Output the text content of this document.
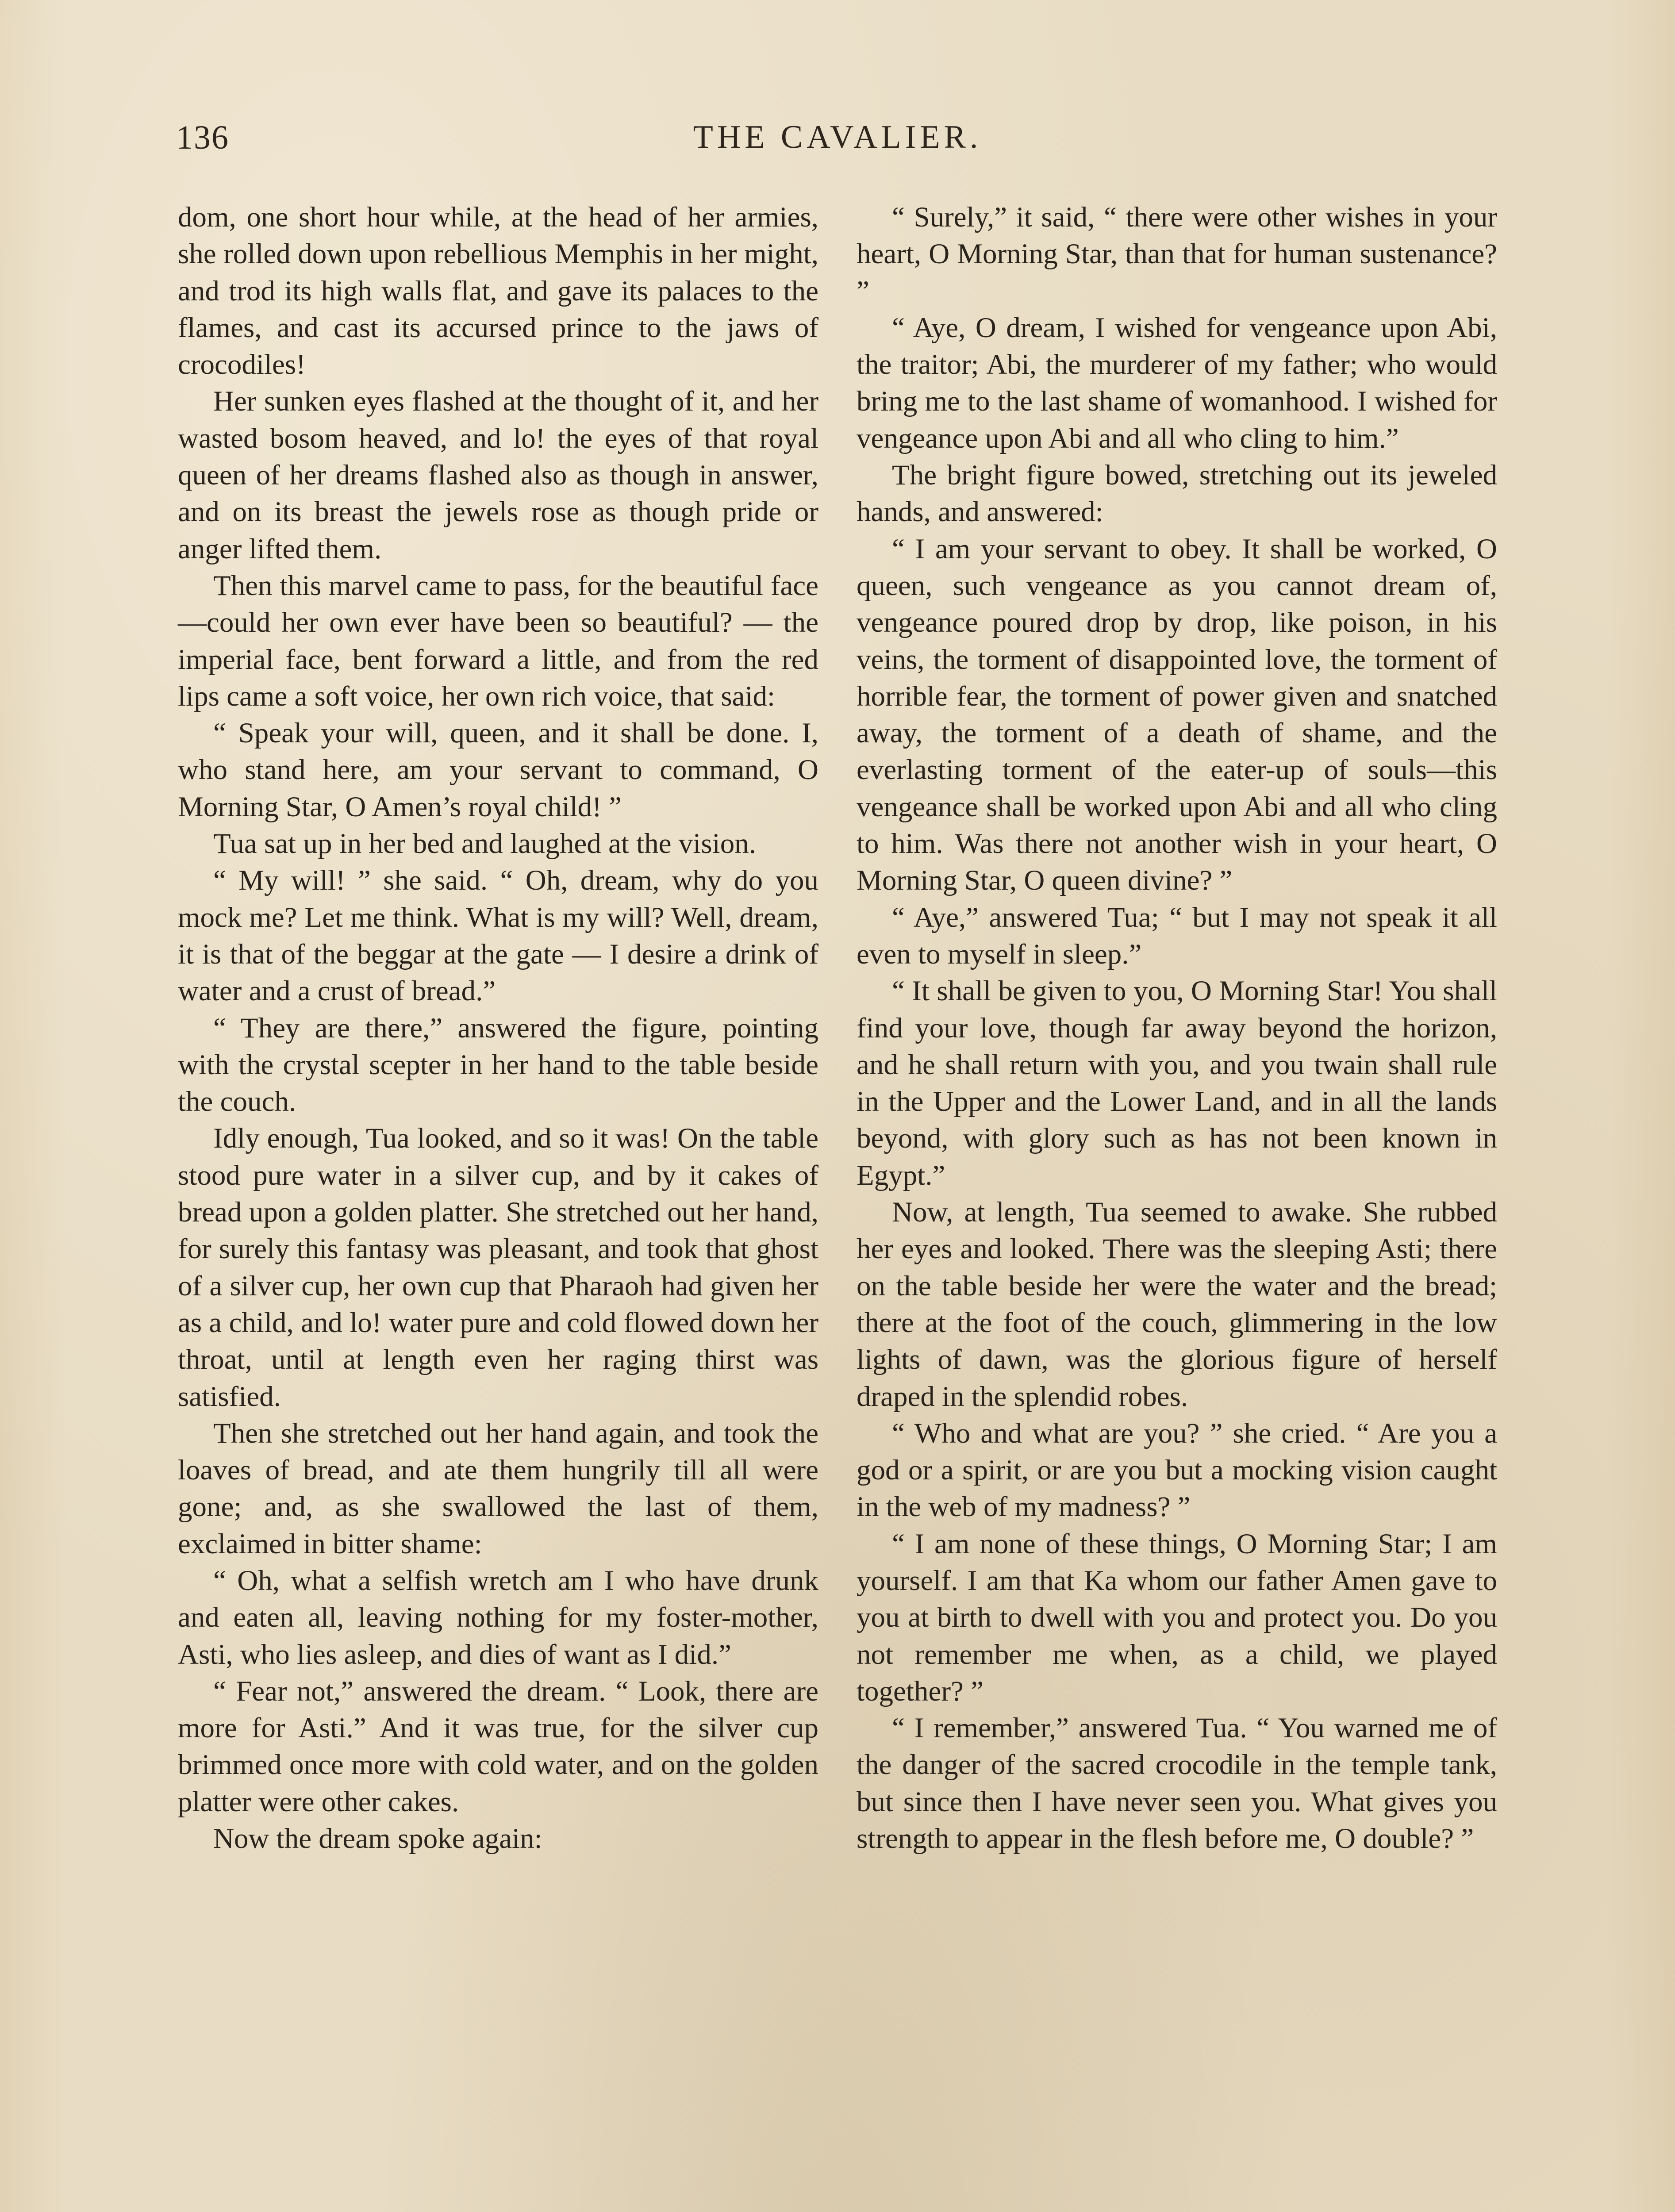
136	THE CAVALIER.

dom, one short hour while, at the head of her armies, she rolled down upon rebellious Memphis in her might, and trod its high walls flat, and gave its palaces to the flames, and cast its accursed prince to the jaws of crocodiles!

Her sunken eyes flashed at the thought of it, and her wasted bosom heaved, and lo! the eyes of that royal queen of her dreams flashed also as though in answer, and on its breast the jewels rose as though pride or anger lifted them.

Then this marvel came to pass, for the beautiful face—could her own ever have been so beautiful? — the imperial face, bent forward a little, and from the red lips came a soft voice, her own rich voice, that said:

“ Speak your will, queen, and it shall be done. I, who stand here, am your servant to command, O Morning Star, O Amen’s royal child! ”

Tua sat up in her bed and laughed at the vision.

“ My will! ” she said. “ Oh, dream, why do you mock me? Let me think. What is my will? Well, dream, it is that of the beggar at the gate — I desire a drink of water and a crust of bread.”

“ They are there,” answered the figure, pointing with the crystal scepter in her hand to the table beside the couch.

Idly enough, Tua looked, and so it was! On the table stood pure water in a silver cup, and by it cakes of bread upon a golden platter. She stretched out her hand, for surely this fantasy was pleasant, and took that ghost of a silver cup, her own cup that Pharaoh had given her as a child, and lo! water pure and cold flowed down her throat, until at length even her raging thirst was satisfied.

Then she stretched out her hand again, and took the loaves of bread, and ate them hungrily till all were gone; and, as she swallowed the last of them, exclaimed in bitter shame:

“ Oh, what a selfish wretch am I who have drunk and eaten all, leaving nothing for my foster-mother, Asti, who lies asleep, and dies of want as I did.”

“ Fear not,” answered the dream. “ Look, there are more for Asti.” And it was true, for the silver cup brimmed once more with cold water, and on the golden platter were other cakes.

Now the dream spoke again:

“ Surely,” it said, “ there were other wishes in your heart, O Morning Star, than that for human sustenance? ”

“ Aye, O dream, I wished for vengeance upon Abi, the traitor; Abi, the murderer of my father; who would bring me to the last shame of womanhood. I wished for vengeance upon Abi and all who cling to him.”

The bright figure bowed, stretching out its jeweled hands, and answered:

“ I am your servant to obey. It shall be worked, O queen, such vengeance as you cannot dream of, vengeance poured drop by drop, like poison, in his veins, the torment of disappointed love, the torment of horrible fear, the torment of power given and snatched away, the torment of a death of shame, and the everlasting torment of the eater-up of souls—this vengeance shall be worked upon Abi and all who cling to him. Was there not another wish in your heart, O Morning Star, O queen divine? ”

“ Aye,” answered Tua; “ but I may not speak it all even to myself in sleep.”

“ It shall be given to you, O Morning Star! You shall find your love, though far away beyond the horizon, and he shall return with you, and you twain shall rule in the Upper and the Lower Land, and in all the lands beyond, with glory such as has not been known in Egypt.”

Now, at length, Tua seemed to awake. She rubbed her eyes and looked. There was the sleeping Asti; there on the table beside her were the water and the bread; there at the foot of the couch, glimmering in the low lights of dawn, was the glorious figure of herself draped in the splendid robes.

“ Who and what are you? ” she cried. “ Are you a god or a spirit, or are you but a mocking vision caught in the web of my madness? ”

“ I am none of these things, O Morning Star; I am yourself. I am that Ka whom our father Amen gave to you at birth to dwell with you and protect you. Do you not remember me when, as a child, we played together? ”

“ I remember,” answered Tua. “ You warned me of the danger of the sacred crocodile in the temple tank, but since then I have never seen you. What gives you strength to appear in the flesh before me, O double? ”
